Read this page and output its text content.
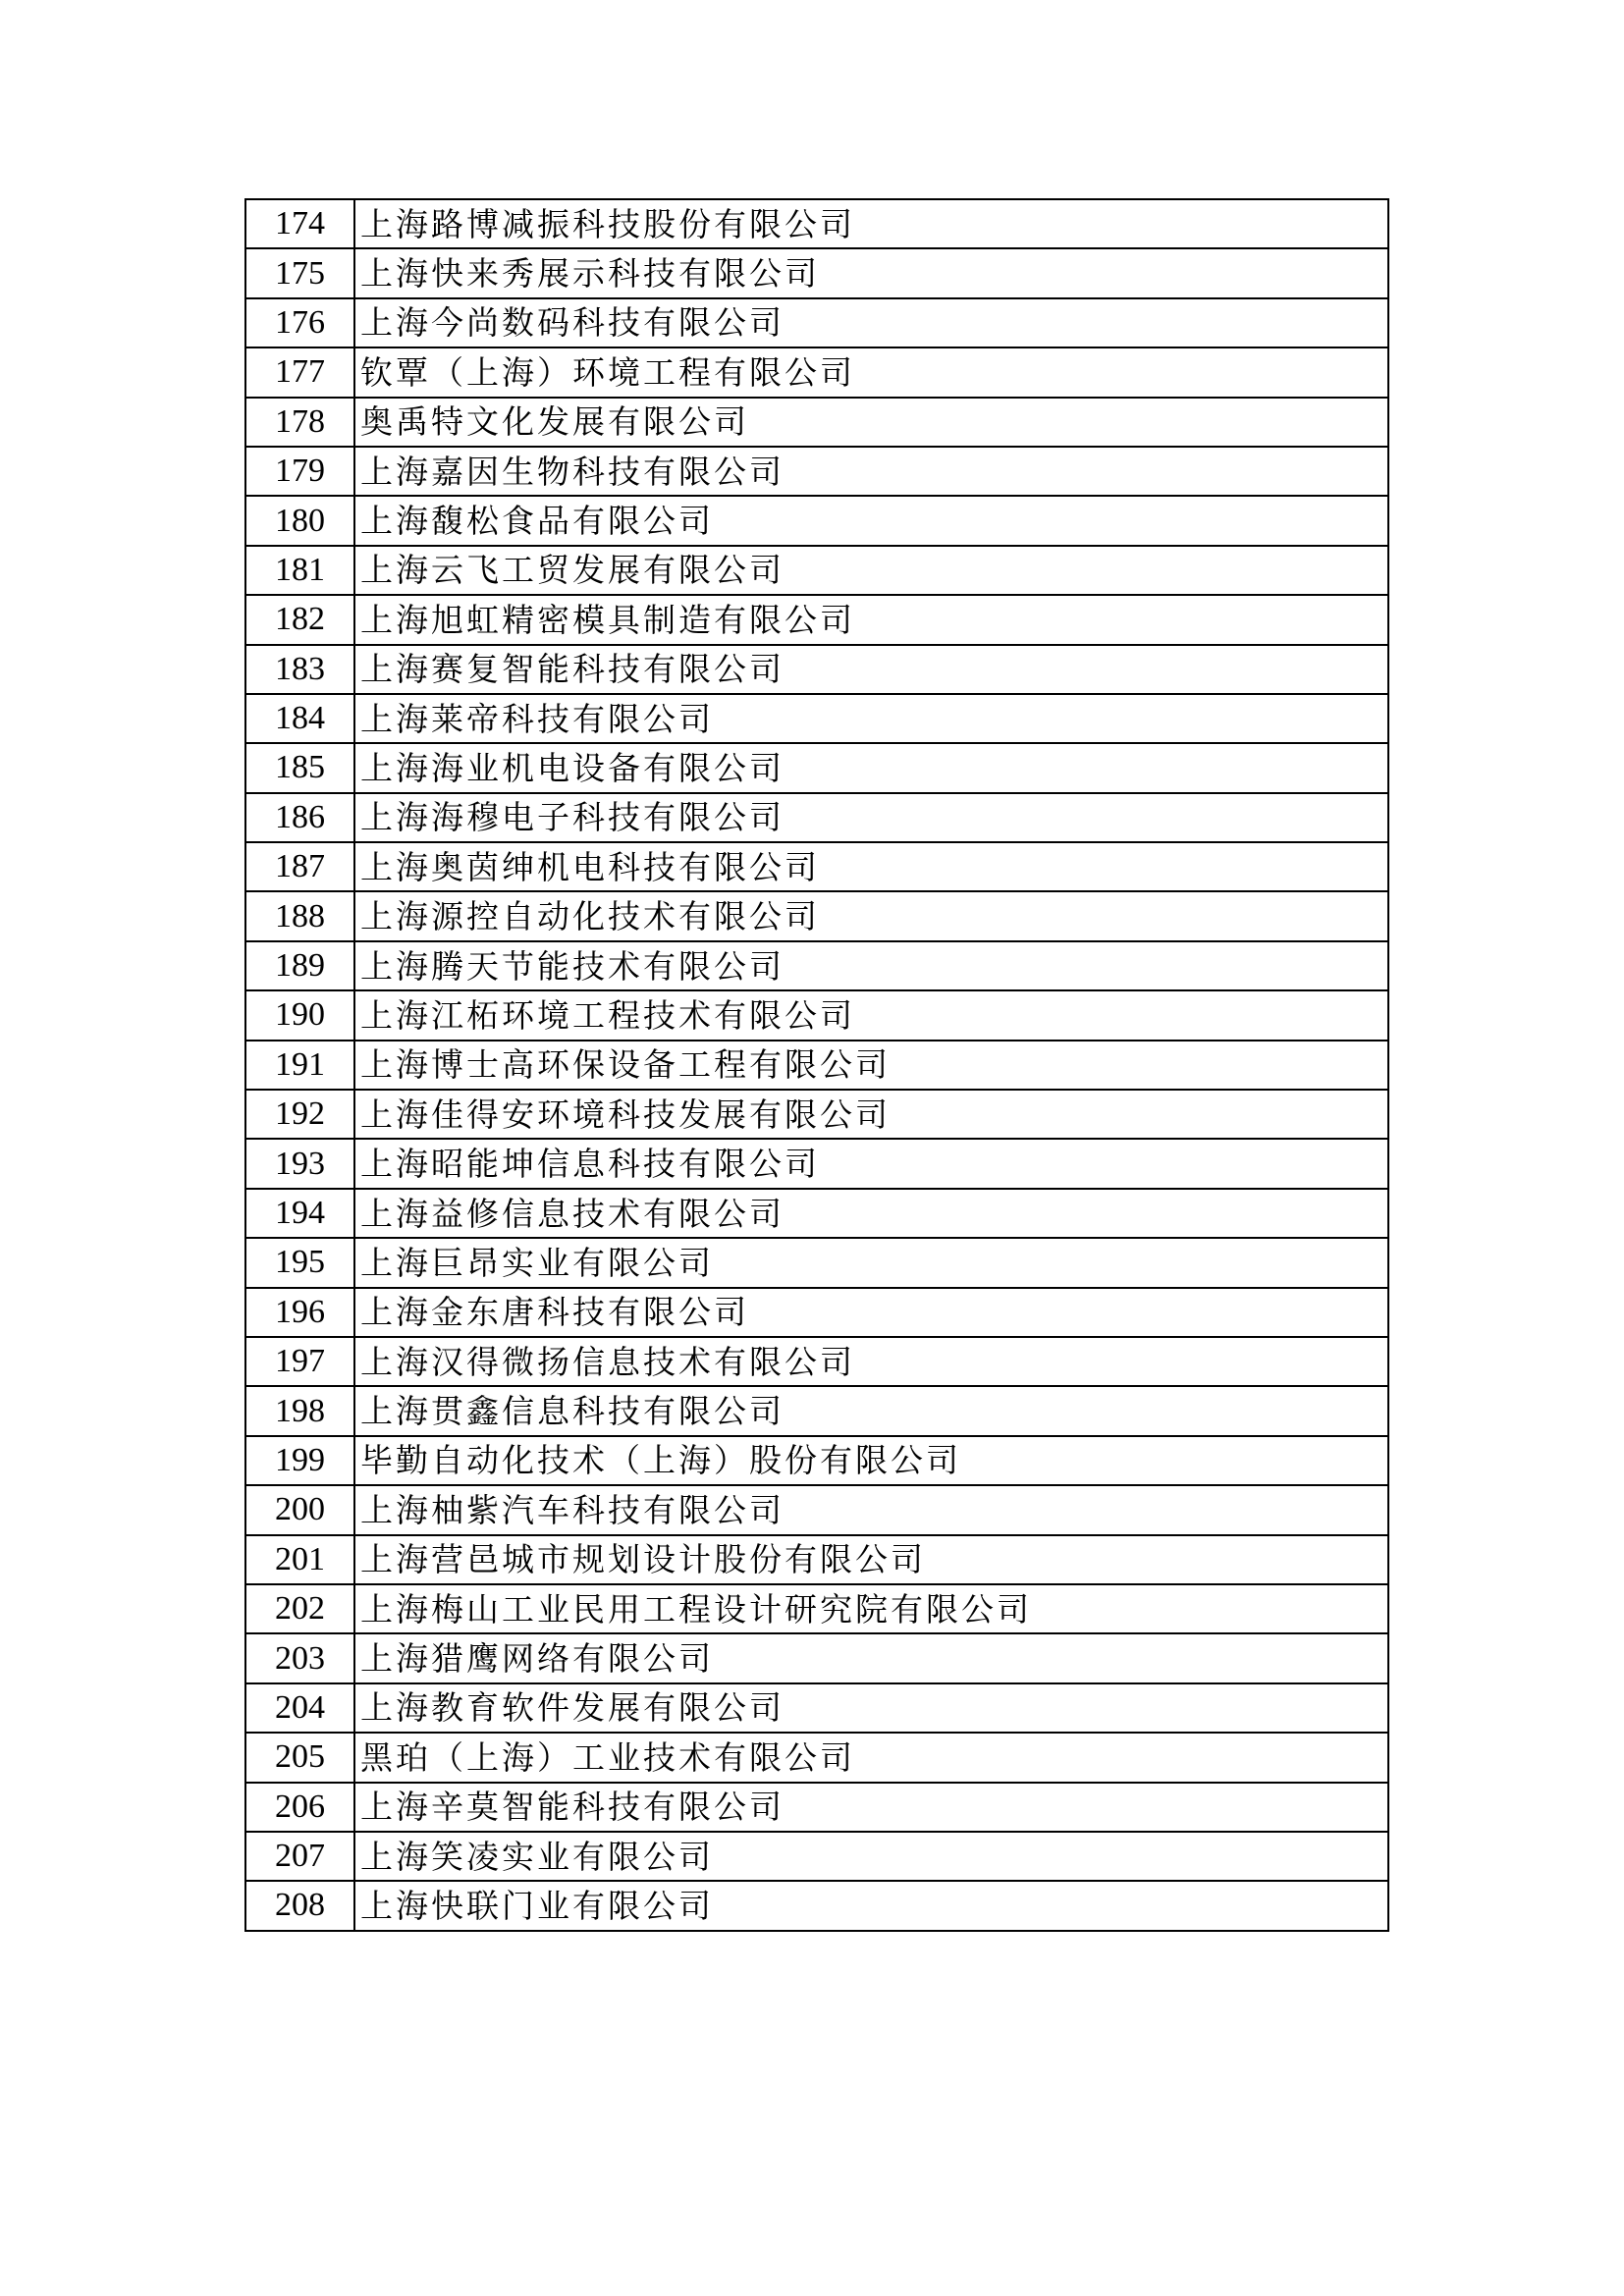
174	上海路博减振科技股份有限公司
175	上海快来秀展示科技有限公司
176	上海今尚数码科技有限公司
177	钦覃（上海）环境工程有限公司
178	奥禹特文化发展有限公司
179	上海嘉因生物科技有限公司
180	上海馥松食品有限公司
181	上海云飞工贸发展有限公司
182	上海旭虹精密模具制造有限公司
183	上海赛复智能科技有限公司
184	上海莱帝科技有限公司
185	上海海业机电设备有限公司
186	上海海穆电子科技有限公司
187	上海奥茵绅机电科技有限公司
188	上海源控自动化技术有限公司
189	上海腾天节能技术有限公司
190	上海江柘环境工程技术有限公司
191	上海博士高环保设备工程有限公司
192	上海佳得安环境科技发展有限公司
193	上海昭能坤信息科技有限公司
194	上海益修信息技术有限公司
195	上海巨昂实业有限公司
196	上海金东唐科技有限公司
197	上海汉得微扬信息技术有限公司
198	上海贯鑫信息科技有限公司
199	毕勤自动化技术（上海）股份有限公司
200	上海柚紫汽车科技有限公司
201	上海营邑城市规划设计股份有限公司
202	上海梅山工业民用工程设计研究院有限公司
203	上海猎鹰网络有限公司
204	上海教育软件发展有限公司
205	黑珀（上海）工业技术有限公司
206	上海辛莫智能科技有限公司
207	上海笑凌实业有限公司
208	上海快联门业有限公司
